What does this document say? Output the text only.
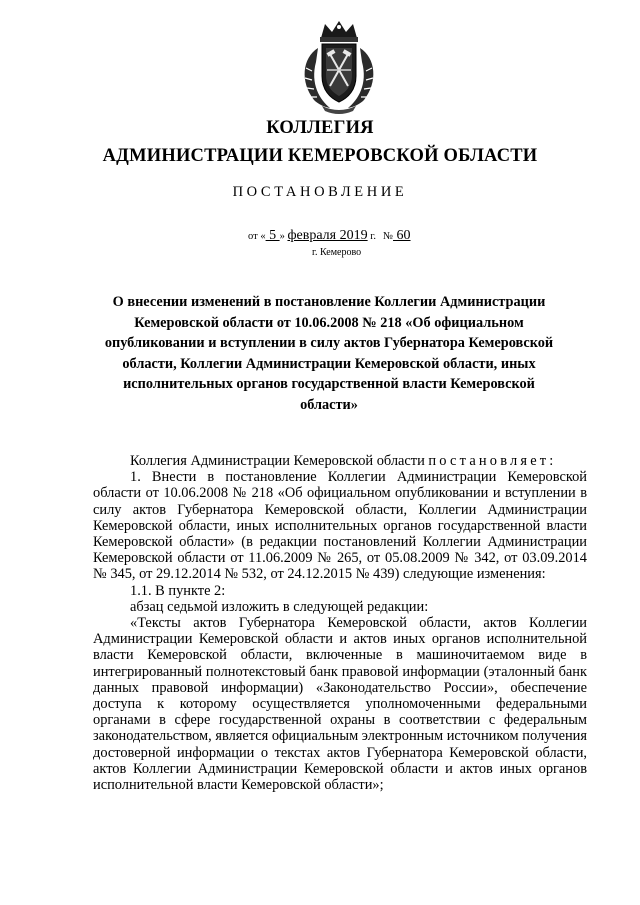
КОЛЛЕГИЯ
АДМИНИСТРАЦИИ КЕМЕРОВСКОЙ ОБЛАСТИ
ПОСТАНОВЛЕНИЕ
от « 5 » февраля 2019 г. № 60
г. Кемерово
О внесении изменений в постановление Коллегии Администрации Кемеровской области от 10.06.2008 № 218 «Об официальном опубликовании и вступлении в силу актов Губернатора Кемеровской области, Коллегии Администрации Кемеровской области, иных исполнительных органов государственной власти Кемеровской области»

Коллегия Администрации Кемеровской области постановляет:

1. Внести в постановление Коллегии Администрации Кемеровской области от 10.06.2008 № 218 «Об официальном опубликовании и вступлении в силу актов Губернатора Кемеровской области, Коллегии Администрации Кемеровской области, иных исполнительных органов государственной власти Кемеровской области» (в редакции постановлений Коллегии Администрации Кемеровской области от 11.06.2009 № 265, от 05.08.2009 № 342, от 03.09.2014 № 345, от 29.12.2014 № 532, от 24.12.2015 № 439) следующие изменения:

1.1. В пункте 2:

абзац седьмой изложить в следующей редакции:

«Тексты актов Губернатора Кемеровской области, актов Коллегии Администрации Кемеровской области и актов иных органов исполнительной власти Кемеровской области, включенные в машиночитаемом виде в интегрированный полнотекстовый банк правовой информации (эталонный банк данных правовой информации) «Законодательство России», обеспечение доступа к которому осуществляется уполномоченными федеральными органами в сфере государственной охраны в соответствии с федеральным законодательством, является официальным электронным источником получения достоверной информации о текстах актов Губернатора Кемеровской области, актов Коллегии Администрации Кемеровской области и актов иных органов исполнительной власти Кемеровской области»;
